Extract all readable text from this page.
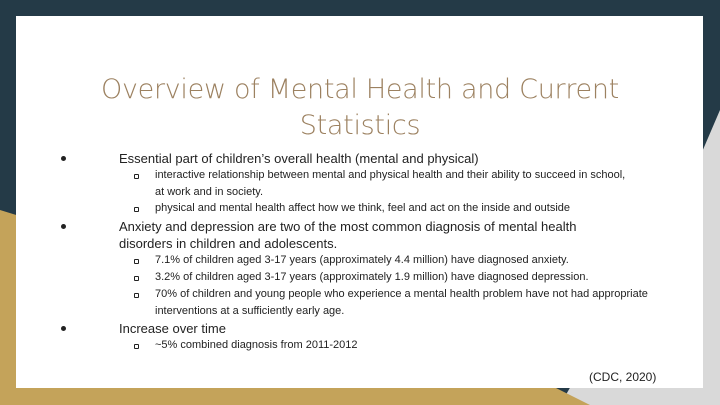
Overview of Mental Health and Current Statistics
Essential part of children’s overall health (mental and physical)
interactive relationship between mental and physical health and their ability to succeed in school, at work and in society.
physical and mental health affect how we think, feel and act on the inside and outside
Anxiety and depression are two of the most common diagnosis of mental health disorders in children and adolescents.
7.1% of children aged 3-17 years (approximately 4.4 million) have diagnosed anxiety.
3.2% of children aged 3-17 years (approximately 1.9 million) have diagnosed depression.
70% of children and young people who experience a mental health problem have not had appropriate interventions at a sufficiently early age.
Increase over time
~5% combined diagnosis from 2011-2012
(CDC, 2020)
